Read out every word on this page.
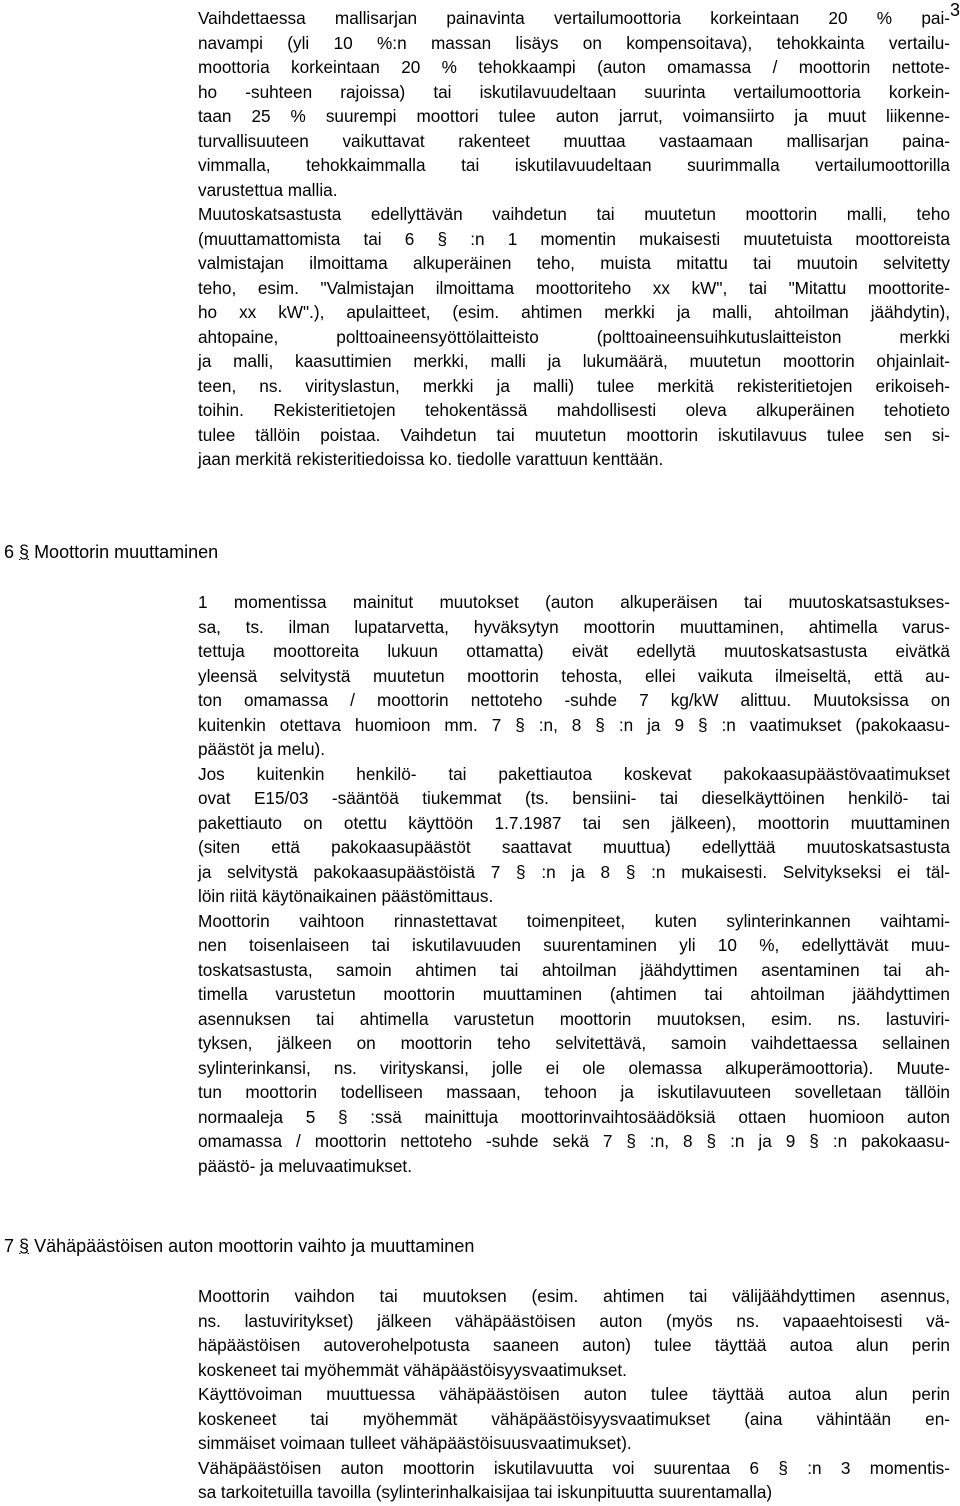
3
Vaihdettaessa mallisarjan painavinta vertailumoottoria korkeintaan 20 % pai-
navampi (yli 10 %:n massan lisäys on kompensoitava), tehokkainta vertailu-
moottoria korkeintaan 20 % tehokkaampi (auton omamassa / moottorin nettote-
ho -suhteen rajoissa) tai iskutilavuudeltaan suurinta vertailumoottoria korkein-
taan 25 % suurempi moottori tulee auton jarrut, voimansiirto ja muut liikenne-
turvallisuuteen vaikuttavat rakenteet muuttaa vastaamaan mallisarjan paina-
vimmalla, tehokkaimmalla tai iskutilavuudeltaan suurimmalla vertailumoottorilla
varustettua mallia.
Muutoskatsastusta edellyttävän vaihdetun tai muutetun moottorin malli, teho
(muuttamattomista tai 6 § :n 1 momentin mukaisesti muutetuista moottoreista
valmistajan ilmoittama alkuperäinen teho, muista mitattu tai muutoin selvitetty
teho, esim. "Valmistajan ilmoittama moottoriteho xx kW", tai "Mitattu moottorite-
ho xx kW".), apulaitteet, (esim. ahtimen merkki ja malli, ahtoilman jäähdytin),
ahtopaine, polttoaineensyöttölaitteisto (polttoaineensuihkutuslaitteiston merkki
ja malli, kaasuttimien merkki, malli ja lukumäärä, muutetun moottorin ohjainlait-
teen, ns. virityslastun, merkki ja malli) tulee merkitä rekisteritietojen erikoiseh-
toihin. Rekisteritietojen tehokentässä mahdollisesti oleva alkuperäinen tehotieto
tulee tällöin poistaa. Vaihdetun tai muutetun moottorin iskutilavuus tulee sen si-
jaan merkitä rekisteritiedoissa ko. tiedolle varattuun kenttään.
6 § Moottorin muuttaminen
1 momentissa mainitut muutokset (auton alkuperäisen tai muutoskatsastukses-
sa, ts. ilman lupatarvetta, hyväksytyn moottorin muuttaminen, ahtimella varus-
tettuja moottoreita lukuun ottamatta) eivät edellytä muutoskatsastusta eivätkä
yleensä selvitystä muutetun moottorin tehosta, ellei vaikuta ilmeiseltä, että au-
ton omamassa / moottorin nettoteho -suhde 7 kg/kW alittuu. Muutoksissa on
kuitenkin otettava huomioon mm. 7 § :n, 8 § :n ja 9 § :n vaatimukset (pakokaasu-
päästöt ja melu).
Jos kuitenkin henkilö- tai pakettiautoa koskevat pakokaasupäästövaatimukset
ovat E15/03 -sääntöä tiukemmat (ts. bensiini- tai dieselkäyttöinen henkilö- tai
pakettiauto on otettu käyttöön 1.7.1987 tai sen jälkeen), moottorin muuttaminen
(siten että pakokaasupäästöt saattavat muuttua) edellyttää muutoskatsastusta
ja selvitystä pakokaasupäästöistä 7 § :n ja 8 § :n mukaisesti. Selvitykseksi ei täl-
löin riitä käytönaikainen päästömittaus.
Moottorin vaihtoon rinnastettavat toimenpiteet, kuten sylinterinkannen vaihtami-
nen toisenlaiseen tai iskutilavuuden suurentaminen yli 10 %, edellyttävät muu-
toskatsastusta, samoin ahtimen tai ahtoilman jäähdyttimen asentaminen tai ah-
timella varustetun moottorin muuttaminen (ahtimen tai ahtoilman jäähdyttimen
asennuksen tai ahtimella varustetun moottorin muutoksen, esim. ns. lastuviri-
tyksen, jälkeen on moottorin teho selvitettävä, samoin vaihdettaessa sellainen
sylinterinkansi, ns. virityskansi, jolle ei ole olemassa alkuperämoottoria). Muute-
tun moottorin todelliseen massaan, tehoon ja iskutilavuuteen sovelletaan tällöin
normaaleja 5 § :ssä mainittuja moottorinvaihtosäädöksiä ottaen huomioon auton
omamassa / moottorin nettoteho -suhde sekä 7 § :n, 8 § :n ja 9 § :n pakokaasu-
päästö- ja meluvaatimukset.
7 § Vähäpäästöisen auton moottorin vaihto ja muuttaminen
Moottorin vaihdon tai muutoksen (esim. ahtimen tai välijäähdyttimen asennus,
ns. lastuviritykset) jälkeen vähäpäästöisen auton (myös ns. vapaaehtoisesti vä-
häpäästöisen autoverohelpotusta saaneen auton) tulee täyttää autoa alun perin
koskeneet tai myöhemmät vähäpäästöisyysvaatimukset.
Käyttövoiman muuttuessa vähäpäästöisen auton tulee täyttää autoa alun perin
koskeneet tai myöhemmät vähäpäästöisyysvaatimukset (aina vähintään en-
simmäiset voimaan tulleet vähäpäästöisuusvaatimukset).
Vähäpäästöisen auton moottorin iskutilavuutta voi suurentaa 6 § :n 3 momentis-
sa tarkoitetuilla tavoilla (sylinterinhalkaisijaa tai iskunpituutta suurentamalla)
